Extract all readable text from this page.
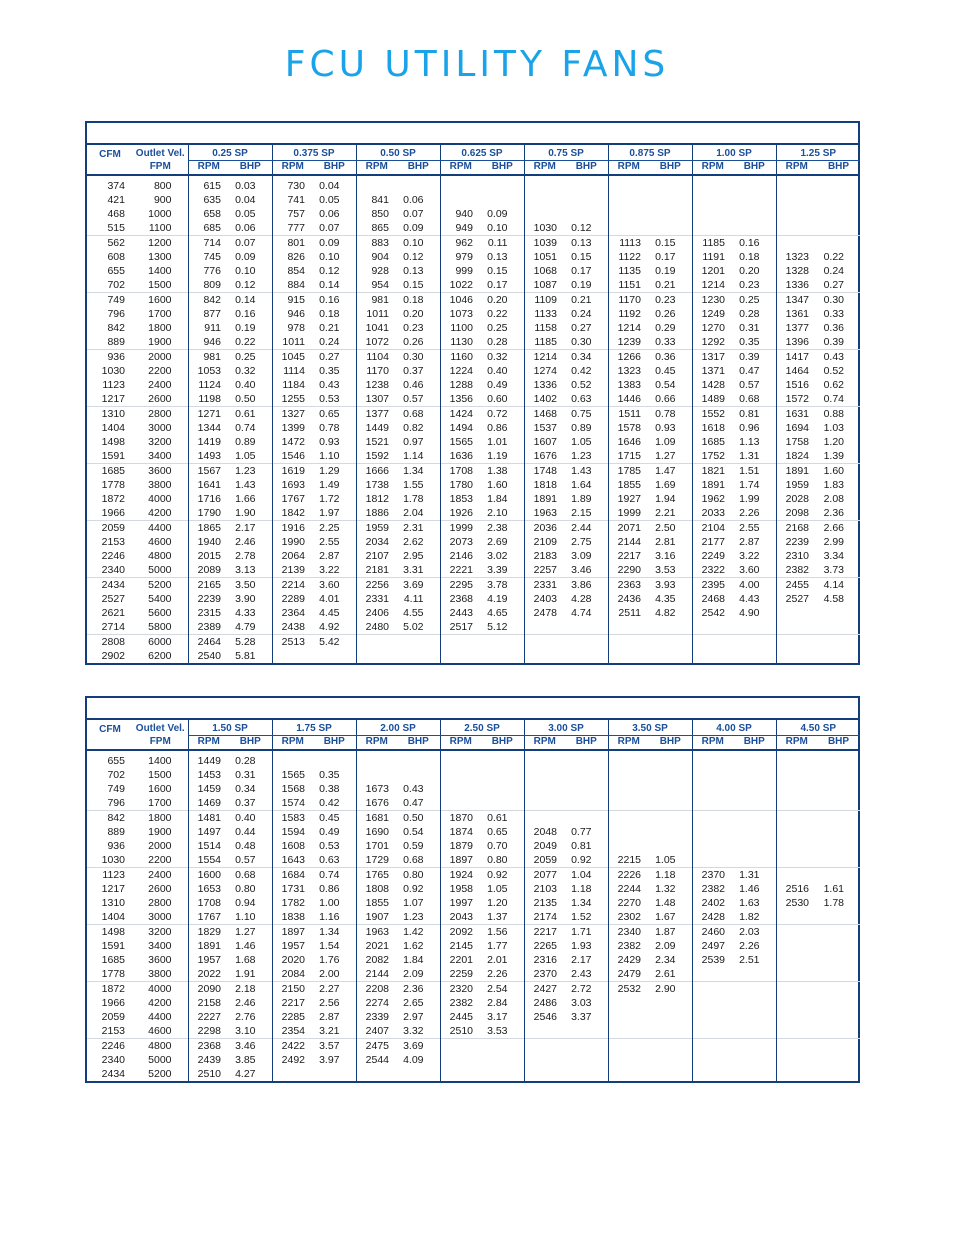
FCU UTILITY FANS
CFM	Outlet Vel.	0.25 SP		0.375 SP		0.50 SP		0.625 SP		0.75 SP		0.875 SP		1.00 SP		1.25 SP	
	FPM	RPM	BHP	RPM	BHP	RPM	BHP	RPM	BHP	RPM	BHP	RPM	BHP	RPM	BHP	RPM	BHP
374	800	615	0.03	730	0.04												
421	900	635	0.04	741	0.05	841	0.06										
468	1000	658	0.05	757	0.06	850	0.07	940	0.09								
515	1100	685	0.06	777	0.07	865	0.09	949	0.10	1030	0.12						
562	1200	714	0.07	801	0.09	883	0.10	962	0.11	1039	0.13	1113	0.15	1185	0.16		
608	1300	745	0.09	826	0.10	904	0.12	979	0.13	1051	0.15	1122	0.17	1191	0.18	1323	0.22
655	1400	776	0.10	854	0.12	928	0.13	999	0.15	1068	0.17	1135	0.19	1201	0.20	1328	0.24
702	1500	809	0.12	884	0.14	954	0.15	1022	0.17	1087	0.19	1151	0.21	1214	0.23	1336	0.27
749	1600	842	0.14	915	0.16	981	0.18	1046	0.20	1109	0.21	1170	0.23	1230	0.25	1347	0.30
796	1700	877	0.16	946	0.18	1011	0.20	1073	0.22	1133	0.24	1192	0.26	1249	0.28	1361	0.33
842	1800	911	0.19	978	0.21	1041	0.23	1100	0.25	1158	0.27	1214	0.29	1270	0.31	1377	0.36
889	1900	946	0.22	1011	0.24	1072	0.26	1130	0.28	1185	0.30	1239	0.33	1292	0.35	1396	0.39
936	2000	981	0.25	1045	0.27	1104	0.30	1160	0.32	1214	0.34	1266	0.36	1317	0.39	1417	0.43
1030	2200	1053	0.32	1114	0.35	1170	0.37	1224	0.40	1274	0.42	1323	0.45	1371	0.47	1464	0.52
1123	2400	1124	0.40	1184	0.43	1238	0.46	1288	0.49	1336	0.52	1383	0.54	1428	0.57	1516	0.62
1217	2600	1198	0.50	1255	0.53	1307	0.57	1356	0.60	1402	0.63	1446	0.66	1489	0.68	1572	0.74
1310	2800	1271	0.61	1327	0.65	1377	0.68	1424	0.72	1468	0.75	1511	0.78	1552	0.81	1631	0.88
1404	3000	1344	0.74	1399	0.78	1449	0.82	1494	0.86	1537	0.89	1578	0.93	1618	0.96	1694	1.03
1498	3200	1419	0.89	1472	0.93	1521	0.97	1565	1.01	1607	1.05	1646	1.09	1685	1.13	1758	1.20
1591	3400	1493	1.05	1546	1.10	1592	1.14	1636	1.19	1676	1.23	1715	1.27	1752	1.31	1824	1.39
1685	3600	1567	1.23	1619	1.29	1666	1.34	1708	1.38	1748	1.43	1785	1.47	1821	1.51	1891	1.60
1778	3800	1641	1.43	1693	1.49	1738	1.55	1780	1.60	1818	1.64	1855	1.69	1891	1.74	1959	1.83
1872	4000	1716	1.66	1767	1.72	1812	1.78	1853	1.84	1891	1.89	1927	1.94	1962	1.99	2028	2.08
1966	4200	1790	1.90	1842	1.97	1886	2.04	1926	2.10	1963	2.15	1999	2.21	2033	2.26	2098	2.36
2059	4400	1865	2.17	1916	2.25	1959	2.31	1999	2.38	2036	2.44	2071	2.50	2104	2.55	2168	2.66
2153	4600	1940	2.46	1990	2.55	2034	2.62	2073	2.69	2109	2.75	2144	2.81	2177	2.87	2239	2.99
2246	4800	2015	2.78	2064	2.87	2107	2.95	2146	3.02	2183	3.09	2217	3.16	2249	3.22	2310	3.34
2340	5000	2089	3.13	2139	3.22	2181	3.31	2221	3.39	2257	3.46	2290	3.53	2322	3.60	2382	3.73
2434	5200	2165	3.50	2214	3.60	2256	3.69	2295	3.78	2331	3.86	2363	3.93	2395	4.00	2455	4.14
2527	5400	2239	3.90	2289	4.01	2331	4.11	2368	4.19	2403	4.28	2436	4.35	2468	4.43	2527	4.58
2621	5600	2315	4.33	2364	4.45	2406	4.55	2443	4.65	2478	4.74	2511	4.82	2542	4.90		
2714	5800	2389	4.79	2438	4.92	2480	5.02	2517	5.12								
2808	6000	2464	5.28	2513	5.42												
2902	6200	2540	5.81														
CFM	Outlet Vel.	1.50 SP		1.75 SP		2.00 SP		2.50 SP		3.00 SP		3.50 SP		4.00 SP		4.50 SP	
	FPM	RPM	BHP	RPM	BHP	RPM	BHP	RPM	BHP	RPM	BHP	RPM	BHP	RPM	BHP	RPM	BHP
655	1400	1449	0.28														
702	1500	1453	0.31	1565	0.35												
749	1600	1459	0.34	1568	0.38	1673	0.43										
796	1700	1469	0.37	1574	0.42	1676	0.47										
842	1800	1481	0.40	1583	0.45	1681	0.50	1870	0.61								
889	1900	1497	0.44	1594	0.49	1690	0.54	1874	0.65	2048	0.77						
936	2000	1514	0.48	1608	0.53	1701	0.59	1879	0.70	2049	0.81						
1030	2200	1554	0.57	1643	0.63	1729	0.68	1897	0.80	2059	0.92	2215	1.05				
1123	2400	1600	0.68	1684	0.74	1765	0.80	1924	0.92	2077	1.04	2226	1.18	2370	1.31		
1217	2600	1653	0.80	1731	0.86	1808	0.92	1958	1.05	2103	1.18	2244	1.32	2382	1.46	2516	1.61
1310	2800	1708	0.94	1782	1.00	1855	1.07	1997	1.20	2135	1.34	2270	1.48	2402	1.63	2530	1.78
1404	3000	1767	1.10	1838	1.16	1907	1.23	2043	1.37	2174	1.52	2302	1.67	2428	1.82		
1498	3200	1829	1.27	1897	1.34	1963	1.42	2092	1.56	2217	1.71	2340	1.87	2460	2.03		
1591	3400	1891	1.46	1957	1.54	2021	1.62	2145	1.77	2265	1.93	2382	2.09	2497	2.26		
1685	3600	1957	1.68	2020	1.76	2082	1.84	2201	2.01	2316	2.17	2429	2.34	2539	2.51		
1778	3800	2022	1.91	2084	2.00	2144	2.09	2259	2.26	2370	2.43	2479	2.61				
1872	4000	2090	2.18	2150	2.27	2208	2.36	2320	2.54	2427	2.72	2532	2.90				
1966	4200	2158	2.46	2217	2.56	2274	2.65	2382	2.84	2486	3.03						
2059	4400	2227	2.76	2285	2.87	2339	2.97	2445	3.17	2546	3.37						
2153	4600	2298	3.10	2354	3.21	2407	3.32	2510	3.53								
2246	4800	2368	3.46	2422	3.57	2475	3.69										
2340	5000	2439	3.85	2492	3.97	2544	4.09										
2434	5200	2510	4.27														
